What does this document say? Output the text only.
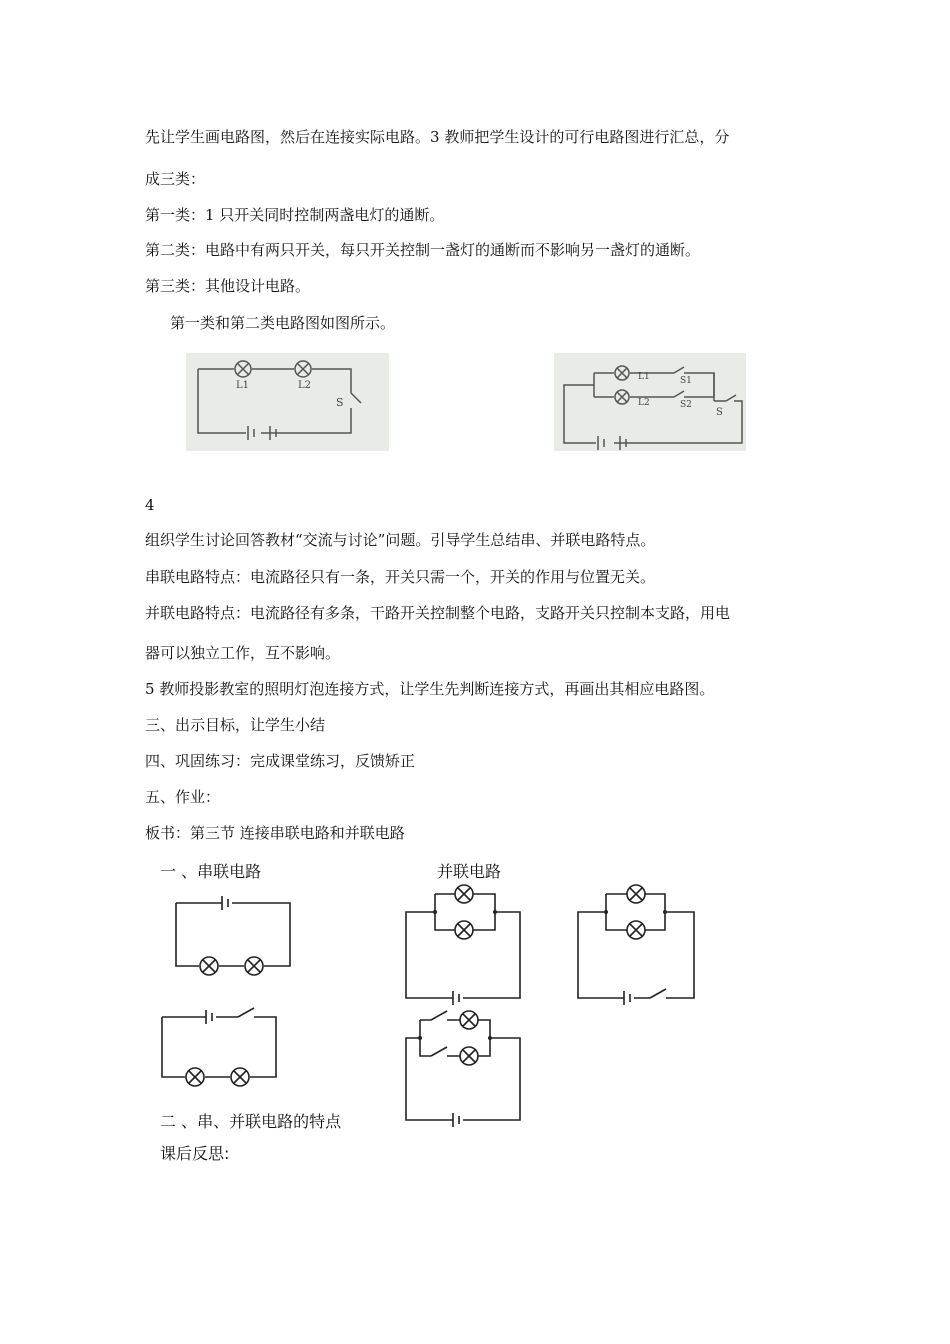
先让学生画电路图，然后在连接实际电路。3 教师把学生设计的可行电路图进行汇总，分
成三类：
第一类：1 只开关同时控制两盏电灯的通断。
第二类：电路中有两只开关，每只开关控制一盏灯的通断而不影响另一盏灯的通断。
第三类：其他设计电路。
第一类和第二类电路图如图所示。
L1	L2
S
L1
L2
S1
S2
S
4
组织学生讨论回答教材“交流与讨论”问题。引导学生总结串、并联电路特点。
串联电路特点：电流路径只有一条，开关只需一个，开关的作用与位置无关。
并联电路特点：电流路径有多条，干路开关控制整个电路，支路开关只控制本支路，用电
器可以独立工作，互不影响。
5 教师投影教室的照明灯泡连接方式，让学生先判断连接方式，再画出其相应电路图。
三、出示目标，让学生小结
四、巩固练习：完成课堂练习，反馈矫正
五、作业：
板书：第三节 连接串联电路和并联电路
一 、串联电路	并联电路
二 、串、并联电路的特点
课后反思:
